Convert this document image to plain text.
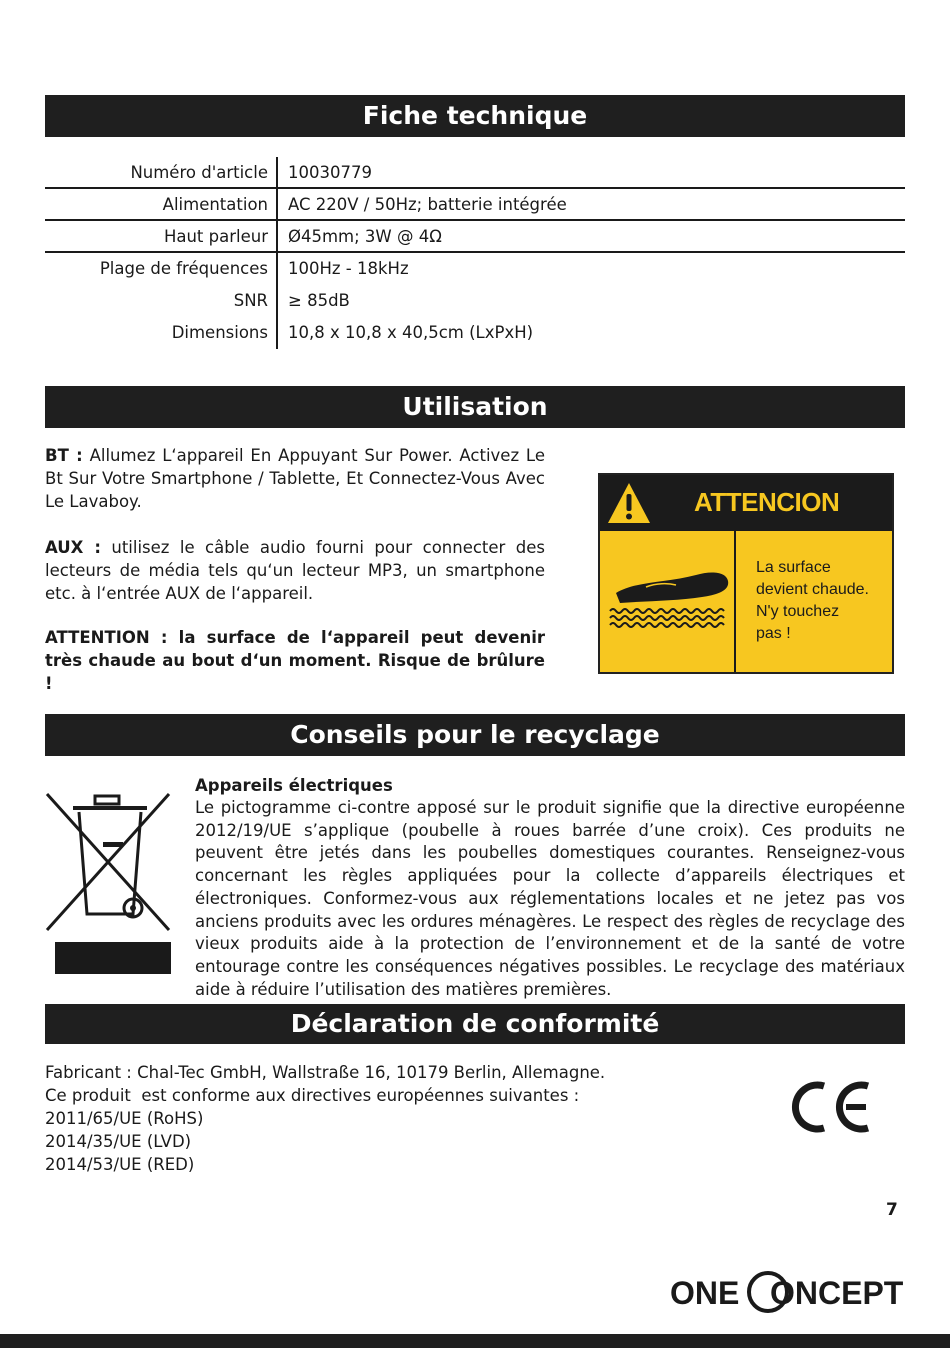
Fiche technique
Numéro d'article	10030779
Alimentation	AC 220V / 50Hz; batterie intégrée
Haut parleur	Ø45mm; 3W @ 4Ω
Plage de fréquences	100Hz - 18kHz
SNR	≥ 85dB
Dimensions	10,8 x 10,8 x 40,5cm (LxPxH)
Utilisation
BT : Allumez L‘appareil En Appuyant Sur Power. Activez Le Bt Sur Votre Smartphone / Tablette, Et Connectez-Vous Avec Le Lavaboy.
AUX : utilisez le câble audio fourni pour connecter des lecteurs de média tels qu‘un lecteur MP3, un smartphone etc. à l‘entrée AUX de l‘appareil.
ATTENTION : la surface de l‘appareil peut devenir très chaude au bout d‘un moment. Risque de brûlure !
ATTENCION
La surface
devient chaude.
N'y touchez
pas !
Conseils pour le recyclage
Appareils électriques
Le pictogramme ci-contre apposé sur le produit signifie que la directive européenne 2012/19/UE s’applique (poubelle à roues barrée d’une croix). Ces produits ne peuvent être jetés dans les poubelles domestiques courantes. Renseignez-vous concernant les règles appliquées pour la collecte d’appareils électriques et électroniques. Conformez-vous aux réglementations locales et ne jetez pas vos anciens produits avec les ordures ménagères. Le respect des règles de recyclage des vieux produits aide à la protection de l’environnement et de la santé de votre entourage contre les conséquences négatives possibles. Le recyclage des matériaux aide à réduire l’utilisation des matières premières.
Déclaration de conformité
Fabricant : Chal-Tec GmbH, Wallstraße 16, 10179 Berlin, Allemagne.
Ce produit  est conforme aux directives européennes suivantes :
2011/65/UE (RoHS)
2014/35/UE (LVD)
2014/53/UE (RED)
7
ONE ONCEPT
